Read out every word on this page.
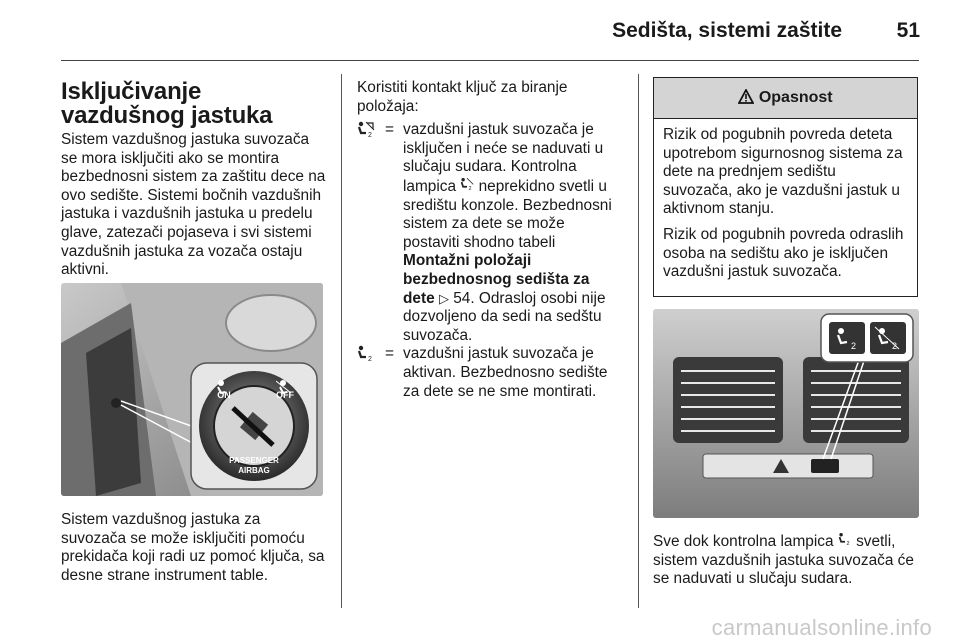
Sedišta, sistemi zaštite	51
Isključivanje vazdušnog jastuka

Sistem vazdušnog jastuka suvozača se mora isključiti ako se montira bezbednosni sistem za zaštitu dece na ovo sedište. Sistemi bočnih vazdušnih jastuka i vazdušnih jastuka u predelu glave, zatezači pojaseva i svi sistemi vazdušnih jastuka za vozača ostaju aktivni.

ON	OFF
PASSENGER
AIRBAG

Sistem vazdušnog jastuka za suvozača se može isključiti pomoću prekidača koji radi uz pomoć ključa, sa desne strane instrument table.

Koristiti kontakt ključ za biranje položaja:

2 = vazdušni jastuk suvozača je isključen i neće se naduvati u slučaju sudara. Kontrolna lampica 2 neprekidno svetli u središtu konzole. Bezbednosni sistem za dete se može postaviti shodno tabeli Montažni položaji bezbednosnog sedišta za dete ▷ 54. Odrasloj osobi nije dozvoljeno da sedi na sedštu suvozača.
2 = vazdušni jastuk suvozača je aktivan. Bezbednosno sedište za dete se ne sme montirati.
Opasnost

Rizik od pogubnih povreda deteta upotrebom sigurnosnog sistema za dete na prednjem sedištu suvozača, ako je vazdušni jastuk u aktivnom stanju.

Rizik od pogubnih povreda odraslih osoba na sedištu ako je isključen vazdušni jastuk suvozača.

2	2

Sve dok kontrolna lampica 2 svetli, sistem vazdušnih jastuka suvozača će se naduvati u slučaju sudara.

carmanualsonline.info
